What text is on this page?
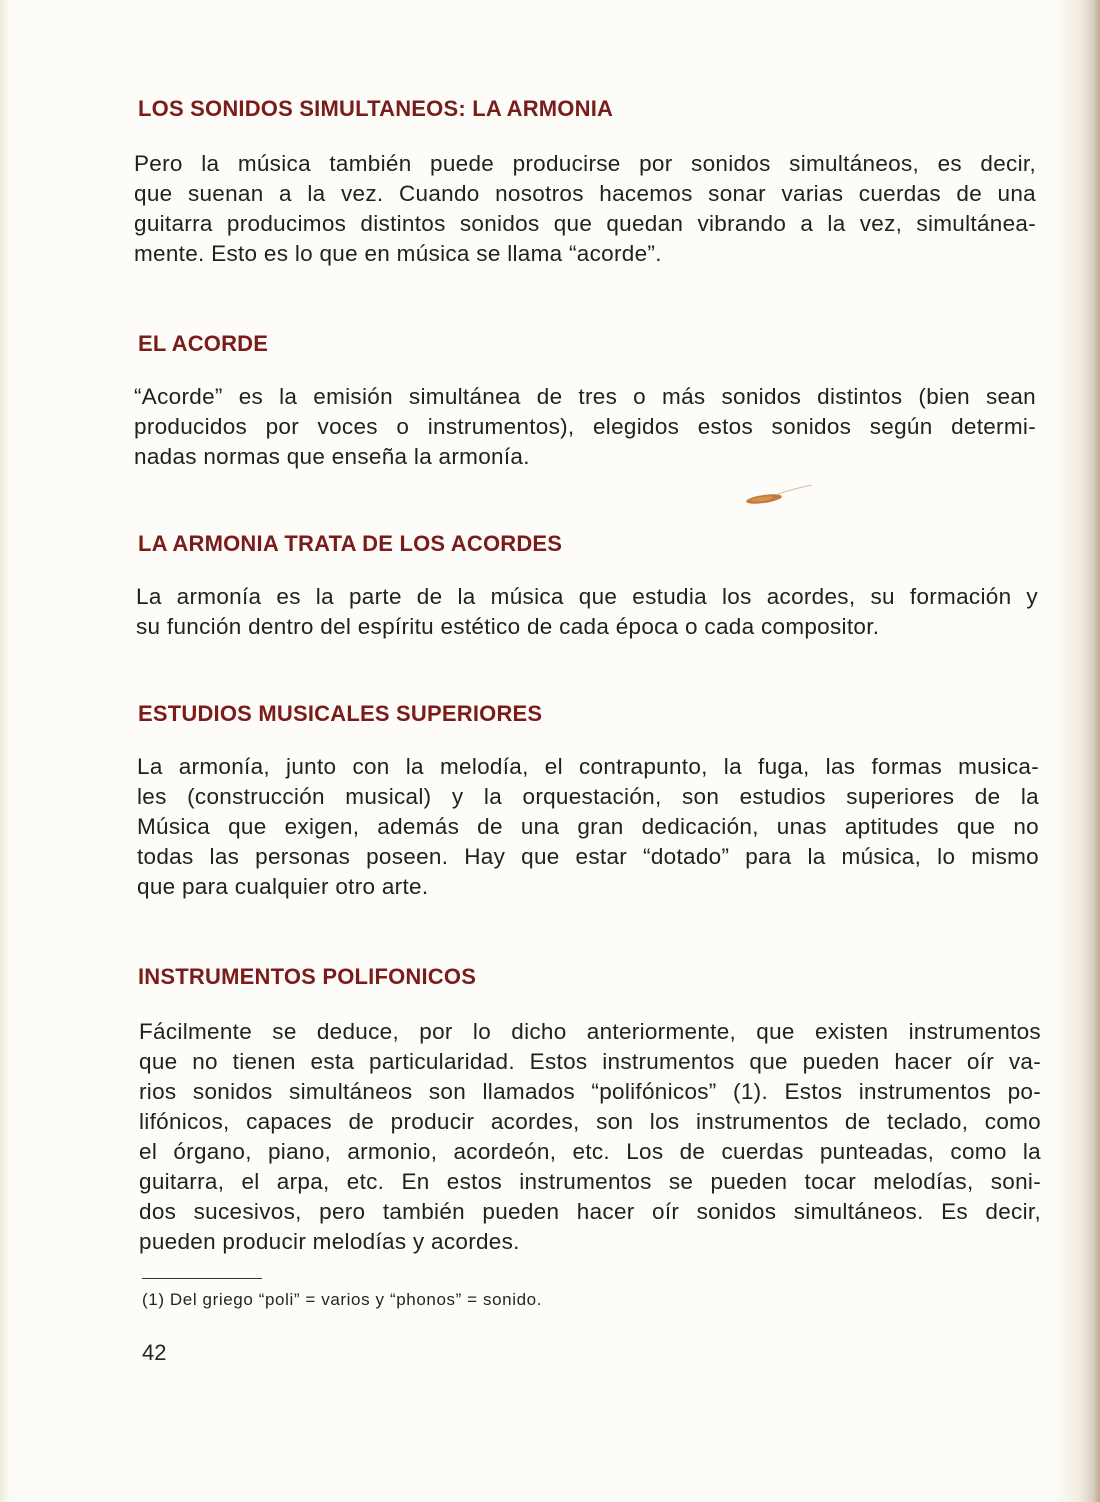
LOS SONIDOS SIMULTANEOS: LA ARMONIA
Pero la música también puede producirse por sonidos simultáneos, es decir,
que suenan a la vez. Cuando nosotros hacemos sonar varias cuerdas de una
guitarra producimos distintos sonidos que quedan vibrando a la vez, simultánea-
mente. Esto es lo que en música se llama “acorde”.
EL ACORDE
“Acorde” es la emisión simultánea de tres o más sonidos distintos (bien sean
producidos por voces o instrumentos), elegidos estos sonidos según determi-
nadas normas que enseña la armonía.
LA ARMONIA TRATA DE LOS ACORDES
La armonía es la parte de la música que estudia los acordes, su formación y
su función dentro del espíritu estético de cada época o cada compositor.
ESTUDIOS MUSICALES SUPERIORES
La armonía, junto con la melodía, el contrapunto, la fuga, las formas musica-
les (construcción musical) y la orquestación, son estudios superiores de la
Música que exigen, además de una gran dedicación, unas aptitudes que no
todas las personas poseen. Hay que estar “dotado” para la música, lo mismo
que para cualquier otro arte.
INSTRUMENTOS POLIFONICOS
Fácilmente se deduce, por lo dicho anteriormente, que existen instrumentos
que no tienen esta particularidad. Estos instrumentos que pueden hacer oír va-
rios sonidos simultáneos son llamados “polifónicos” (1). Estos instrumentos po-
lifónicos, capaces de producir acordes, son los instrumentos de teclado, como
el órgano, piano, armonio, acordeón, etc. Los de cuerdas punteadas, como la
guitarra, el arpa, etc. En estos instrumentos se pueden tocar melodías, soni-
dos sucesivos, pero también pueden hacer oír sonidos simultáneos. Es decir,
pueden producir melodías y acordes.
(1) Del griego “poli” = varios y “phonos” = sonido.
42
